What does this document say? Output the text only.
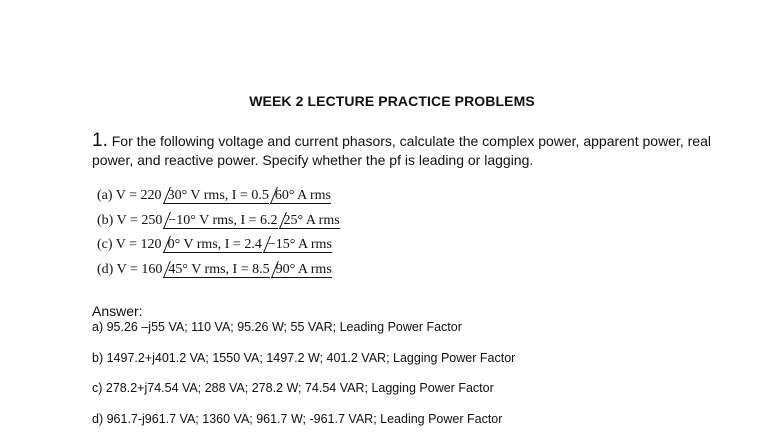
WEEK 2 LECTURE PRACTICE PROBLEMS
1. For the following voltage and current phasors, calculate the complex power, apparent power, real power, and reactive power. Specify whether the pf is leading or lagging.
(a) V = 220 30° V rms, I = 0.5 60° A rms
(b) V = 250 −10° V rms, I = 6.2 25° A rms
(c) V = 120 0° V rms, I = 2.4 −15° A rms
(d) V = 160 45° V rms, I = 8.5 90° A rms
Answer:
a) 95.26 –j55 VA; 110 VA; 95.26 W; 55 VAR; Leading Power Factor
b) 1497.2+j401.2 VA; 1550 VA; 1497.2 W; 401.2 VAR; Lagging Power Factor
c) 278.2+j74.54 VA; 288 VA; 278.2 W; 74.54 VAR; Lagging Power Factor
d) 961.7-j961.7 VA; 1360 VA; 961.7 W; -961.7 VAR; Leading Power Factor
